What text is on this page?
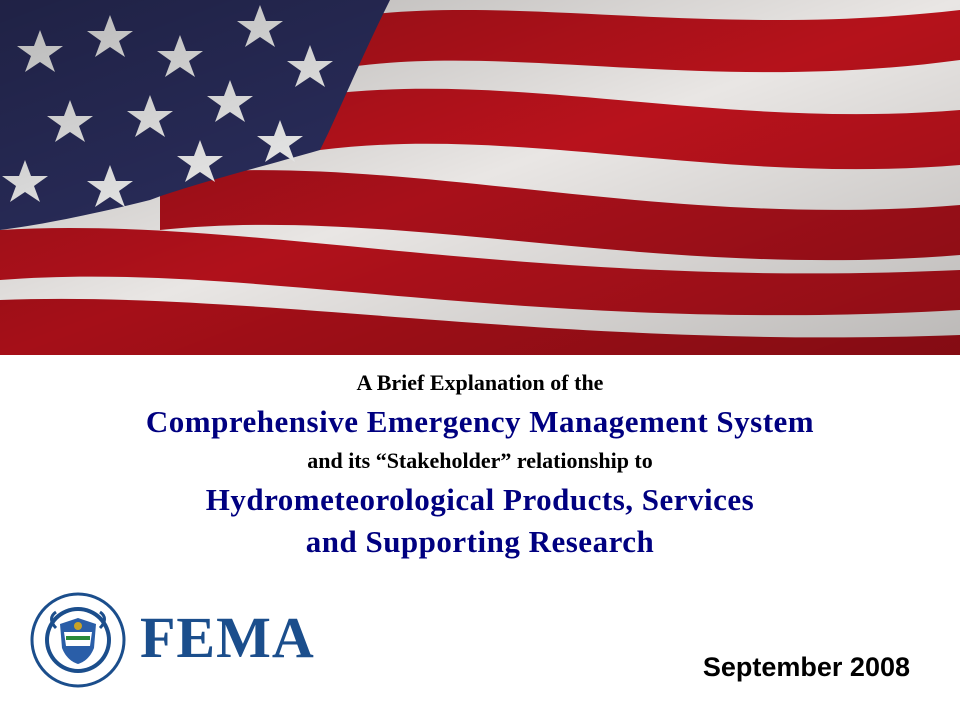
A Brief Explanation of the
Comprehensive Emergency Management System
and its “Stakeholder” relationship to
Hydrometeorological Products, Services
and Supporting Research
FEMA	September 2008
